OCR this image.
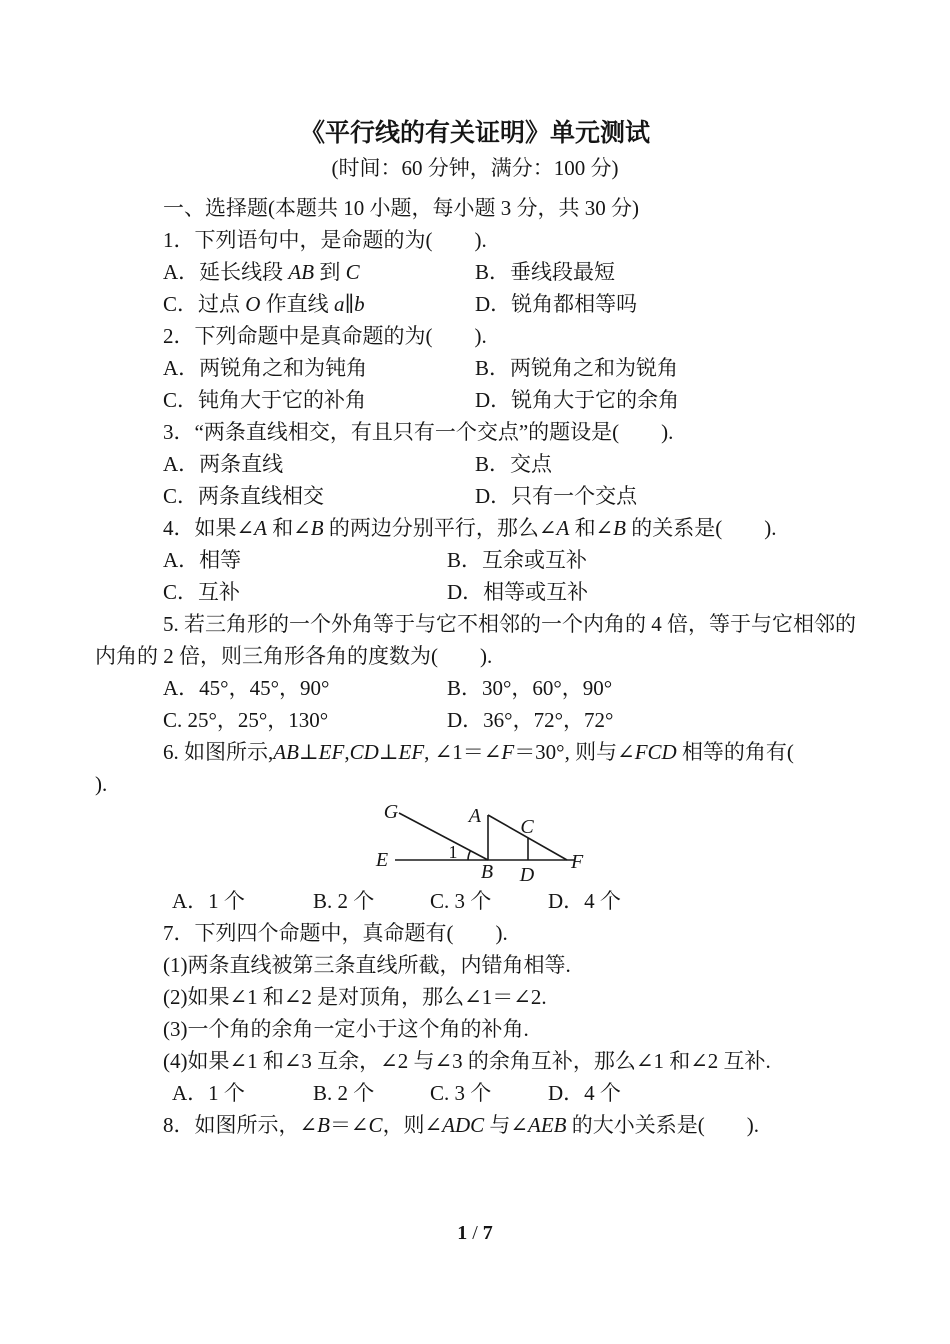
《平行线的有关证明》单元测试
(时间：60 分钟，满分：100 分)
一、选择题(本题共 10 小题，每小题 3 分，共 30 分)
1．下列语句中，是命题的为(　　).
A．延长线段 AB 到 C	B．垂线段最短
C．过点 O 作直线 a∥b	D．锐角都相等吗
2．下列命题中是真命题的为(　　).
A．两锐角之和为钝角	B．两锐角之和为锐角
C．钝角大于它的补角	D．锐角大于它的余角
3．“两条直线相交，有且只有一个交点”的题设是(　　).
A．两条直线	B．交点
C．两条直线相交	D．只有一个交点
4．如果∠A 和∠B 的两边分别平行，那么∠A 和∠B 的关系是(　　).
A．相等	B．互余或互补
C．互补	D．相等或互补
5. 若三角形的一个外角等于与它不相邻的一个内角的 4 倍，等于与它相邻的
内角的 2 倍，则三角形各角的度数为(　　).
A．45°，45°，90°	B．30°，60°，90°
C. 25°，25°，130°	D．36°，72°，72°
6. 如图所示,AB⊥EF,CD⊥EF, ∠1＝∠F＝30°, 则与∠FCD 相等的角有(
).
G
E
A C
B D
F
1
A．1 个	B. 2 个	C. 3 个	D．4 个
7．下列四个命题中，真命题有(　　).
(1)两条直线被第三条直线所截，内错角相等.
(2)如果∠1 和∠2 是对顶角，那么∠1＝∠2.
(3)一个角的余角一定小于这个角的补角.
(4)如果∠1 和∠3 互余，∠2 与∠3 的余角互补，那么∠1 和∠2 互补.
A．1 个	B. 2 个	C. 3 个	D．4 个
8．如图所示，∠B＝∠C，则∠ADC 与∠AEB 的大小关系是(　　).
1 / 7
